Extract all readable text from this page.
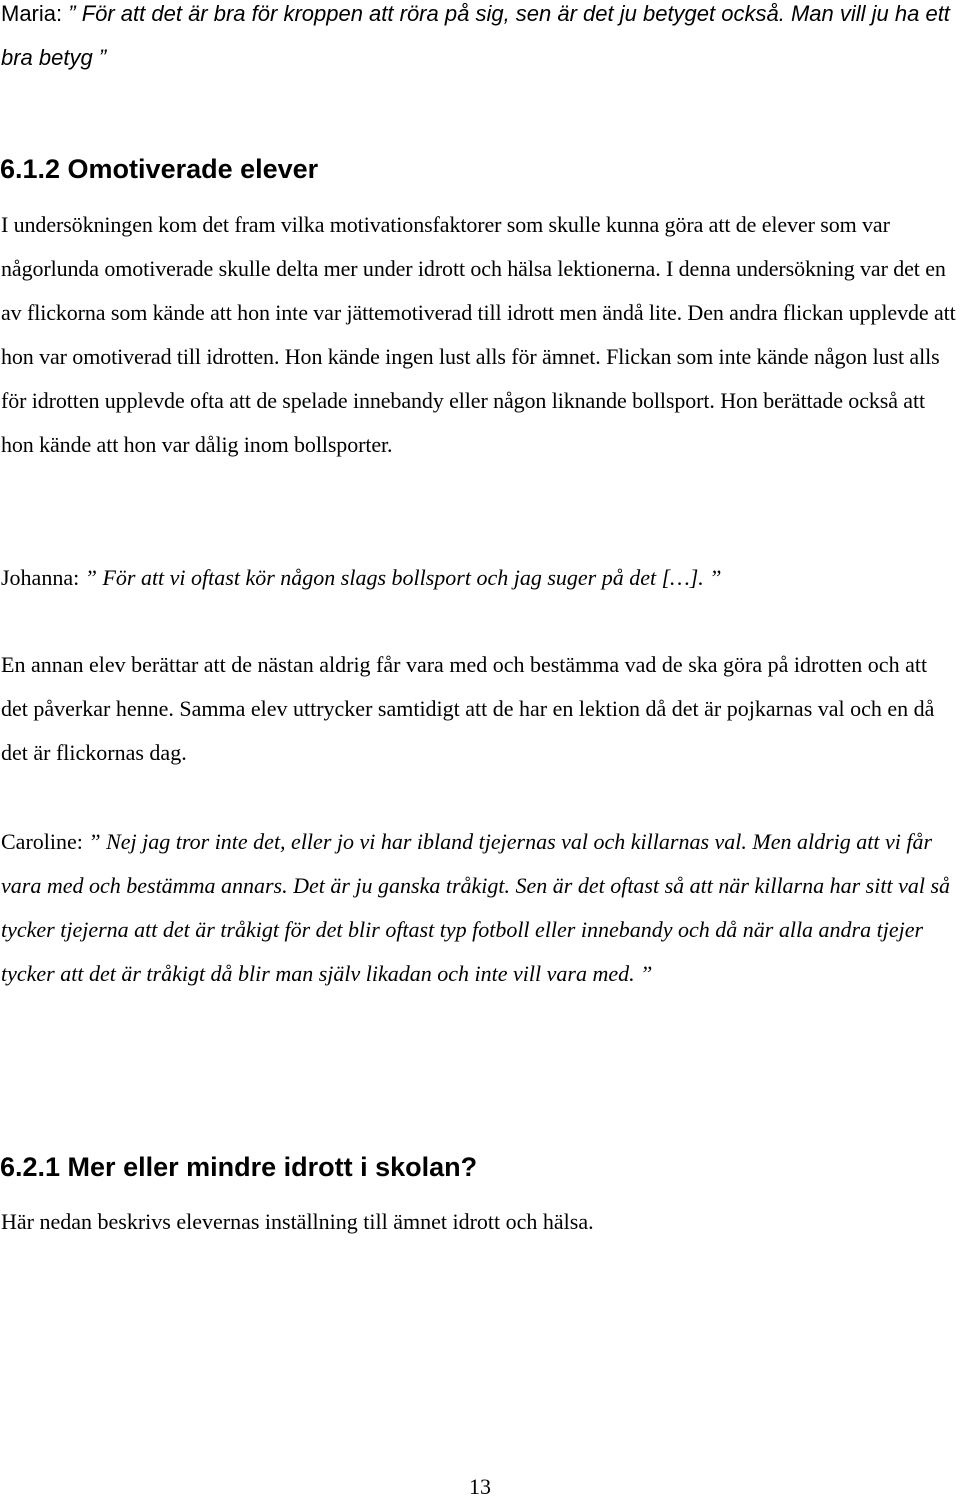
Maria: ” För att det är bra för kroppen att röra på sig, sen är det ju betyget också. Man vill ju ha ett bra betyg ”

6.1.2 Omotiverade elever

I undersökningen kom det fram vilka motivationsfaktorer som skulle kunna göra att de elever som var någorlunda omotiverade skulle delta mer under idrott och hälsa lektionerna. I denna undersökning var det en av flickorna som kände att hon inte var jättemotiverad till idrott men ändå lite. Den andra flickan upplevde att hon var omotiverad till idrotten. Hon kände ingen lust alls för ämnet. Flickan som inte kände någon lust alls för idrotten upplevde ofta att de spelade innebandy eller någon liknande bollsport. Hon berättade också att hon kände att hon var dålig inom bollsporter.

Johanna: ” För att vi oftast kör någon slags bollsport och jag suger på det […]. ”

En annan elev berättar att de nästan aldrig får vara med och bestämma vad de ska göra på idrotten och att det påverkar henne. Samma elev uttrycker samtidigt att de har en lektion då det är pojkarnas val och en då det är flickornas dag.

Caroline: ” Nej jag tror inte det, eller jo vi har ibland tjejernas val och killarnas val. Men aldrig att vi får vara med och bestämma annars. Det är ju ganska tråkigt. Sen är det oftast så att när killarna har sitt val så tycker tjejerna att det är tråkigt för det blir oftast typ fotboll eller innebandy och då när alla andra tjejer tycker att det är tråkigt då blir man själv likadan och inte vill vara med. ”

6.2.1 Mer eller mindre idrott i skolan?

Här nedan beskrivs elevernas inställning till ämnet idrott och hälsa.

13
